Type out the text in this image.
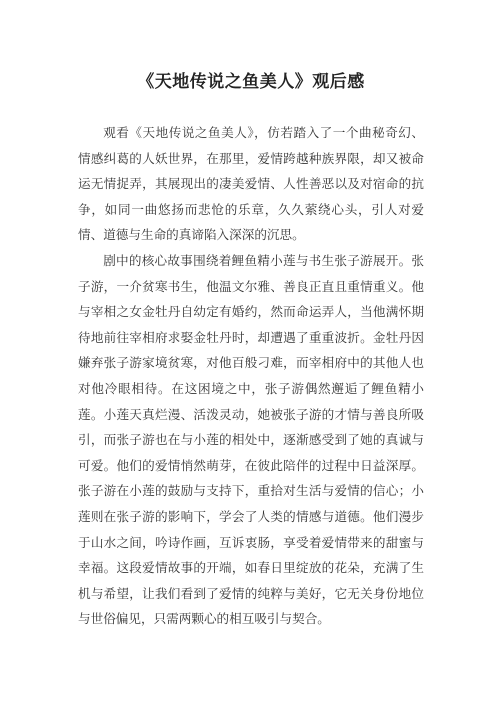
《天地传说之鱼美人》观后感

观看《天地传说之鱼美人》，仿若踏入了一个曲秘奇幻、情感纠葛的人妖世界，在那里，爱情跨越种族界限，却又被命运无情捉弄，其展现出的凄美爱情、人性善恶以及对宿命的抗争，如同一曲悠扬而悲怆的乐章，久久萦绕心头，引人对爱情、道德与生命的真谛陷入深深的沉思。

剧中的核心故事围绕着鲤鱼精小莲与书生张子游展开。张子游，一介贫寒书生，他温文尔雅、善良正直且重情重义。他与宰相之女金牡丹自幼定有婚约，然而命运弄人，当他满怀期待地前往宰相府求娶金牡丹时，却遭遇了重重波折。金牡丹因嫌弃张子游家境贫寒，对他百般刁难，而宰相府中的其他人也对他冷眼相待。在这困境之中，张子游偶然邂逅了鲤鱼精小莲。小莲天真烂漫、活泼灵动，她被张子游的才情与善良所吸引，而张子游也在与小莲的相处中，逐渐感受到了她的真诚与可爱。他们的爱情悄然萌芽，在彼此陪伴的过程中日益深厚。张子游在小莲的鼓励与支持下，重拾对生活与爱情的信心；小莲则在张子游的影响下，学会了人类的情感与道德。他们漫步于山水之间，吟诗作画，互诉衷肠，享受着爱情带来的甜蜜与幸福。这段爱情故事的开端，如春日里绽放的花朵，充满了生机与希望，让我们看到了爱情的纯粹与美好，它无关身份地位与世俗偏见，只需两颗心的相互吸引与契合。
